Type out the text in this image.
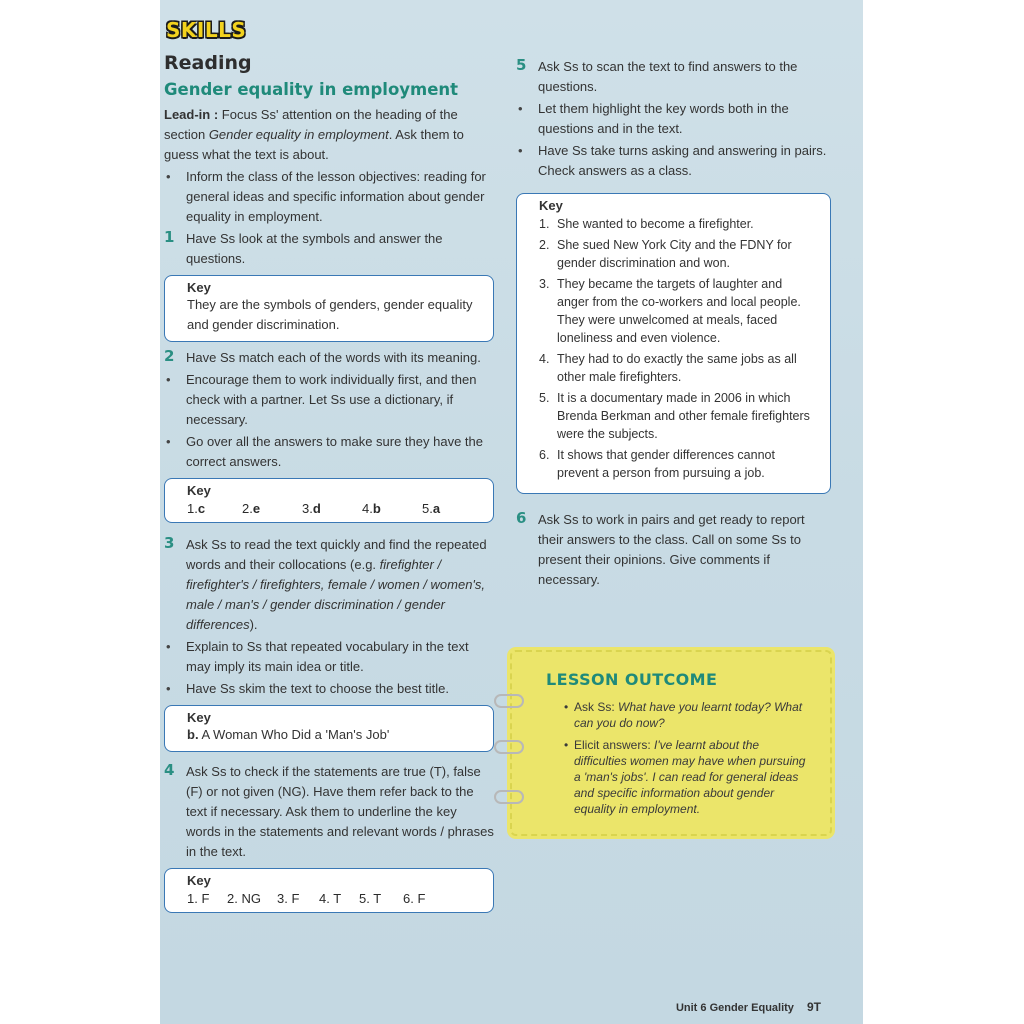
SKILLS
Reading
Gender equality in employment

Lead-in : Focus Ss' attention on the heading of the section Gender equality in employment. Ask them to guess what the text is about.

• Inform the class of the lesson objectives: reading for general ideas and specific information about gender equality in employment.
1 Have Ss look at the symbols and answer the questions.

Key

They are the symbols of genders, gender equality and gender discrimination.

2 Have Ss match each of the words with its meaning.

• Encourage them to work individually first, and then check with a partner. Let Ss use a dictionary, if necessary.
• Go over all the answers to make sure they have the correct answers.
Key
1.c	2.e	3.d	4.b	5.a
3 Ask Ss to read the text quickly and find the repeated words and their collocations (e.g. firefighter / firefighter's / firefighters, female / women / women's, male / man's / gender discrimination / gender differences).

• Explain to Ss that repeated vocabulary in the text may imply its main idea or title.
• Have Ss skim the text to choose the best title.
Key

b. A Woman Who Did a 'Man's Job'

4 Ask Ss to check if the statements are true (T), false (F) or not given (NG). Have them refer back to the text if necessary. Ask them to underline the key words in the statements and relevant words / phrases in the text.

Key
1. F	2. NG	3. F	4. T	5. T	6. F
5 Ask Ss to scan the text to find answers to the questions.

• Let them highlight the key words both in the questions and in the text.
• Have Ss take turns asking and answering in pairs. Check answers as a class.
Key
1. She wanted to become a firefighter.
2. She sued New York City and the FDNY for gender discrimination and won.
3. They became the targets of laughter and anger from the co-workers and local people. They were unwelcomed at meals, faced loneliness and even violence.
4. They had to do exactly the same jobs as all other male firefighters.
5. It is a documentary made in 2006 in which Brenda Berkman and other female firefighters were the subjects.
6. It shows that gender differences cannot prevent a person from pursuing a job.
6 Ask Ss to work in pairs and get ready to report their answers to the class. Call on some Ss to present their opinions. Give comments if necessary.

LESSON OUTCOME
• Ask Ss: What have you learnt today? What can you do now?
• Elicit answers: I've learnt about the difficulties women may have when pursuing a 'man's jobs'. I can read for general ideas and specific information about gender equality in employment.
Unit 6 Gender Equality 9T
